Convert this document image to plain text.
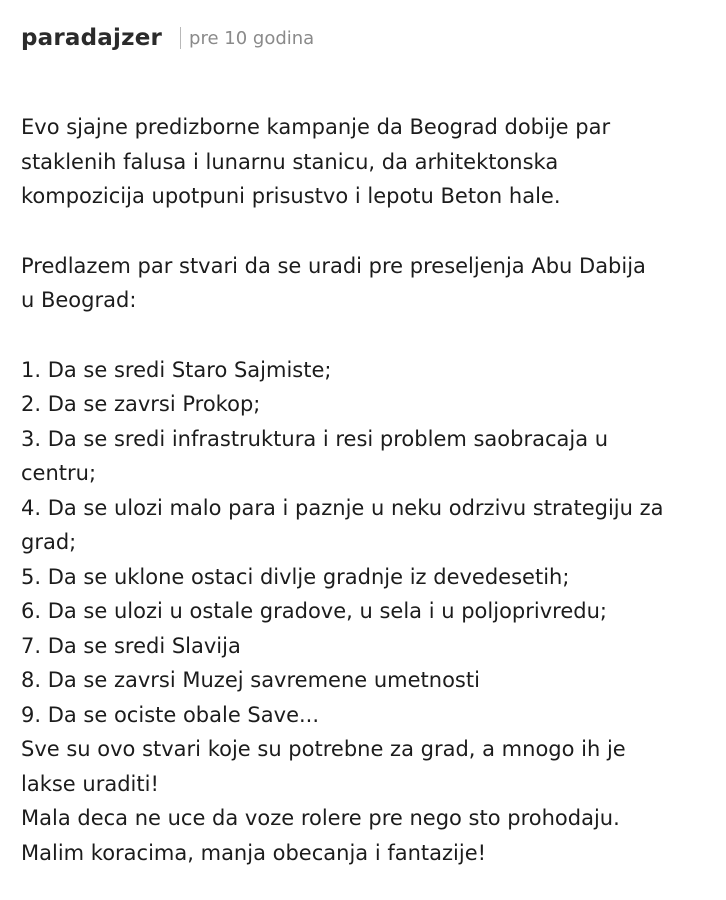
paradajzer pre 10 godina

Evo sjajne predizborne kampanje da Beograd dobije par
staklenih falusa i lunarnu stanicu, da arhitektonska
kompozicija upotpuni prisustvo i lepotu Beton hale.

Predlazem par stvari da se uradi pre preseljenja Abu Dabija
u Beograd:

1. Da se sredi Staro Sajmiste;
2. Da se zavrsi Prokop;
3. Da se sredi infrastruktura i resi problem saobracaja u
centru;
4. Da se ulozi malo para i paznje u neku odrzivu strategiju za
grad;
5. Da se uklone ostaci divlje gradnje iz devedesetih;
6. Da se ulozi u ostale gradove, u sela i u poljoprivredu;
7. Da se sredi Slavija
8. Da se zavrsi Muzej savremene umetnosti
9. Da se ociste obale Save...

Sve su ovo stvari koje su potrebne za grad, a mnogo ih je
lakse uraditi!
Mala deca ne uce da voze rolere pre nego sto prohodaju.
Malim koracima, manja obecanja i fantazije!
